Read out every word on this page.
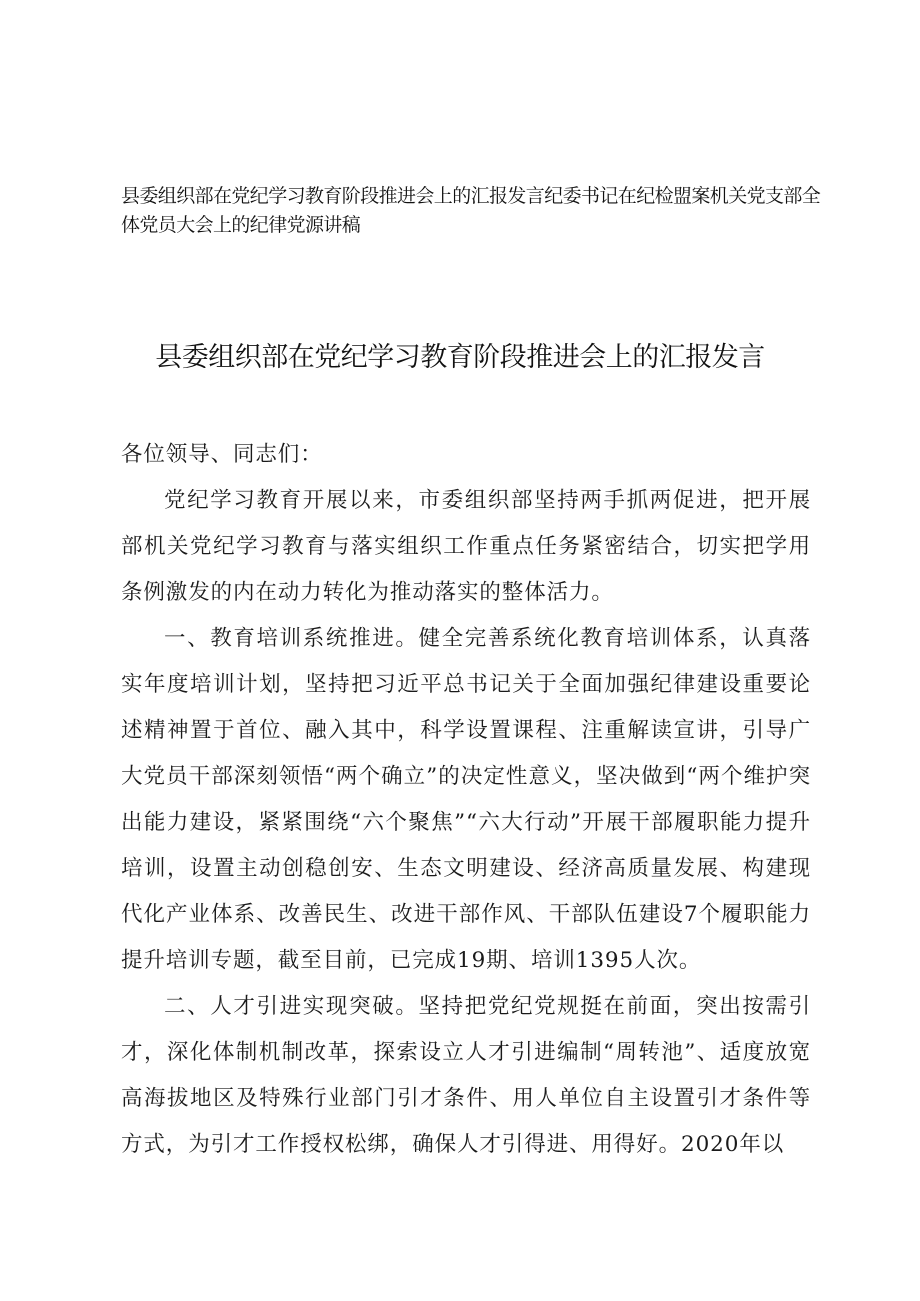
县委组织部在党纪学习教育阶段推进会上的汇报发言纪委书记在纪检盟案机关党支部全体党员大会上的纪律党源讲稿
县委组织部在党纪学习教育阶段推进会上的汇报发言

各位领导、同志们：

党纪学习教育开展以来，市委组织部坚持两手抓两促进，把开展部机关党纪学习教育与落实组织工作重点任务紧密结合，切实把学用条例激发的内在动力转化为推动落实的整体活力。

一、教育培训系统推进。健全完善系统化教育培训体系，认真落实年度培训计划，坚持把习近平总书记关于全面加强纪律建设重要论述精神置于首位、融入其中，科学设置课程、注重解读宣讲，引导广大党员干部深刻领悟“两个确立”的决定性意义，坚决做到“两个维护突出能力建设，紧紧围绕“六个聚焦”“六大行动”开展干部履职能力提升培训，设置主动创稳创安、生态文明建设、经济高质量发展、构建现代化产业体系、改善民生、改进干部作风、干部队伍建设7个履职能力提升培训专题，截至目前，已完成19期、培训1395人次。

二、人才引进实现突破。坚持把党纪党规挺在前面，突出按需引才，深化体制机制改革，探索设立人才引进编制“周转池”、适度放宽高海拔地区及特殊行业部门引才条件、用人单位自主设置引才条件等方式，为引才工作授权松绑，确保人才引得进、用得好。2020年以
